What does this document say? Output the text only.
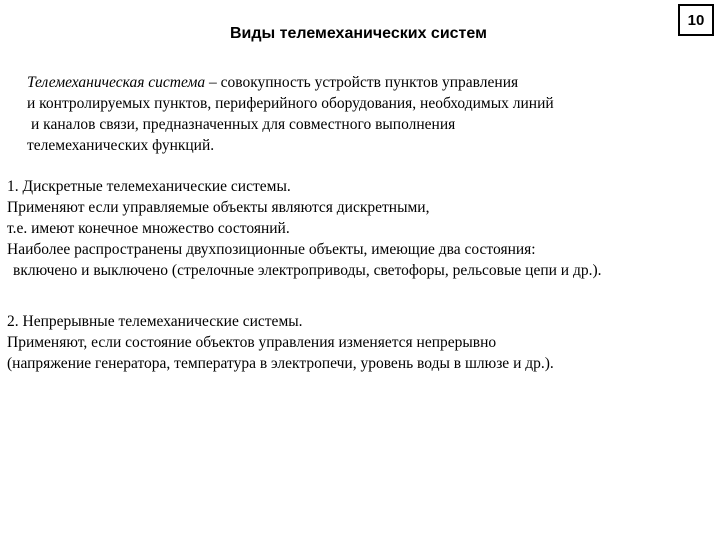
Виды телемеханических систем
10
Телемеханическая система – совокупность устройств пунктов управления
и контролируемых пунктов, периферийного оборудования, необходимых линий
и каналов связи, предназначенных для совместного выполнения
телемеханических функций.
1. Дискретные телемеханические системы.
Применяют если управляемые объекты являются дискретными,
т.е. имеют конечное множество состояний.
Наиболее распространены двухпозиционные объекты, имеющие два состояния:
включено и выключено (стрелочные электроприводы, светофоры, рельсовые цепи и др.).
2. Непрерывные телемеханические системы.
Применяют, если состояние объектов управления изменяется непрерывно
(напряжение генератора, температура в электропечи, уровень воды в шлюзе и др.).
